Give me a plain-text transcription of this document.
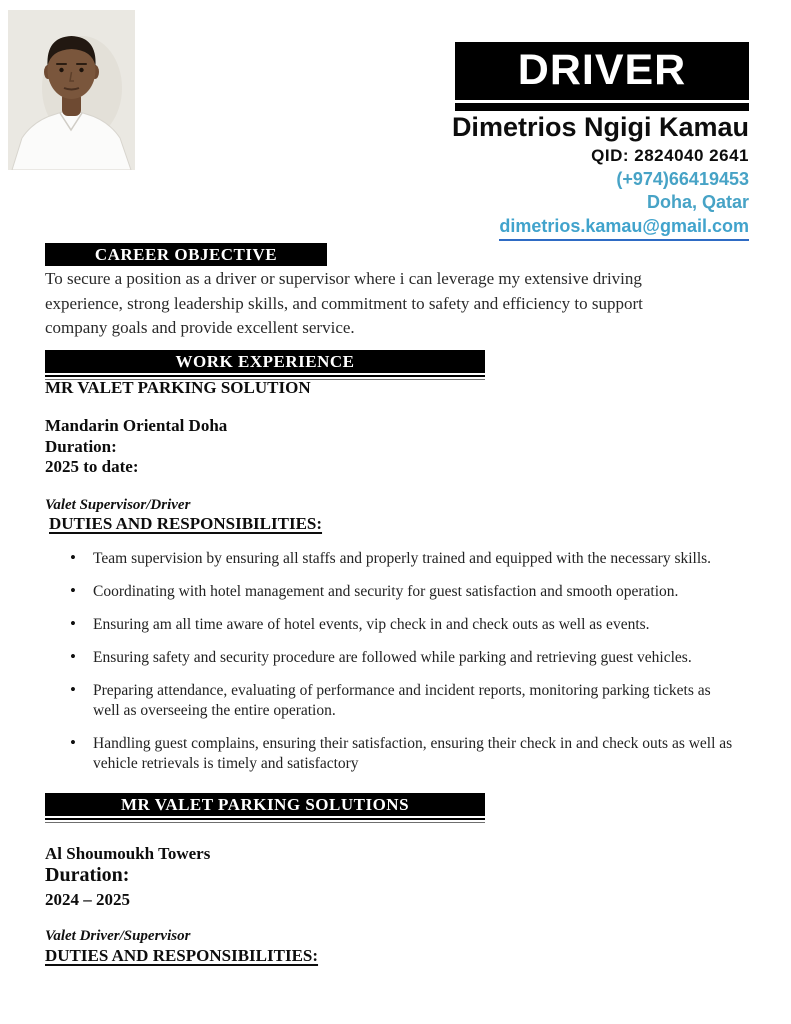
DRIVER
Dimetrios Ngigi Kamau
QID: 2824040 2641
(+974)66419453
Doha, Qatar
dimetrios.kamau@gmail.com
CAREER OBJECTIVE
To secure a position as a driver or supervisor where i can leverage my extensive driving experience, strong leadership skills, and commitment to safety and efficiency to support company goals and provide excellent service.
WORK EXPERIENCE
MR VALET PARKING SOLUTION
Mandarin Oriental Doha
Duration:
2025 to date:
Valet Supervisor/Driver
DUTIES AND RESPONSIBILITIES:
• Team supervision by ensuring all staffs and properly trained and equipped with the necessary skills.
• Coordinating with hotel management and security for guest satisfaction and smooth operation.
• Ensuring am all time aware of hotel events, vip check in and check outs as well as events.
• Ensuring safety and security procedure are followed while parking and retrieving guest vehicles.
• Preparing attendance, evaluating of performance and incident reports, monitoring parking tickets as well as overseeing the entire operation.
• Handling guest complains, ensuring their satisfaction, ensuring their check in and check outs as well as vehicle retrievals is timely and satisfactory
MR VALET PARKING SOLUTIONS
Al Shoumoukh Towers
Duration:
2024 – 2025
Valet Driver/Supervisor
DUTIES AND RESPONSIBILITIES:
